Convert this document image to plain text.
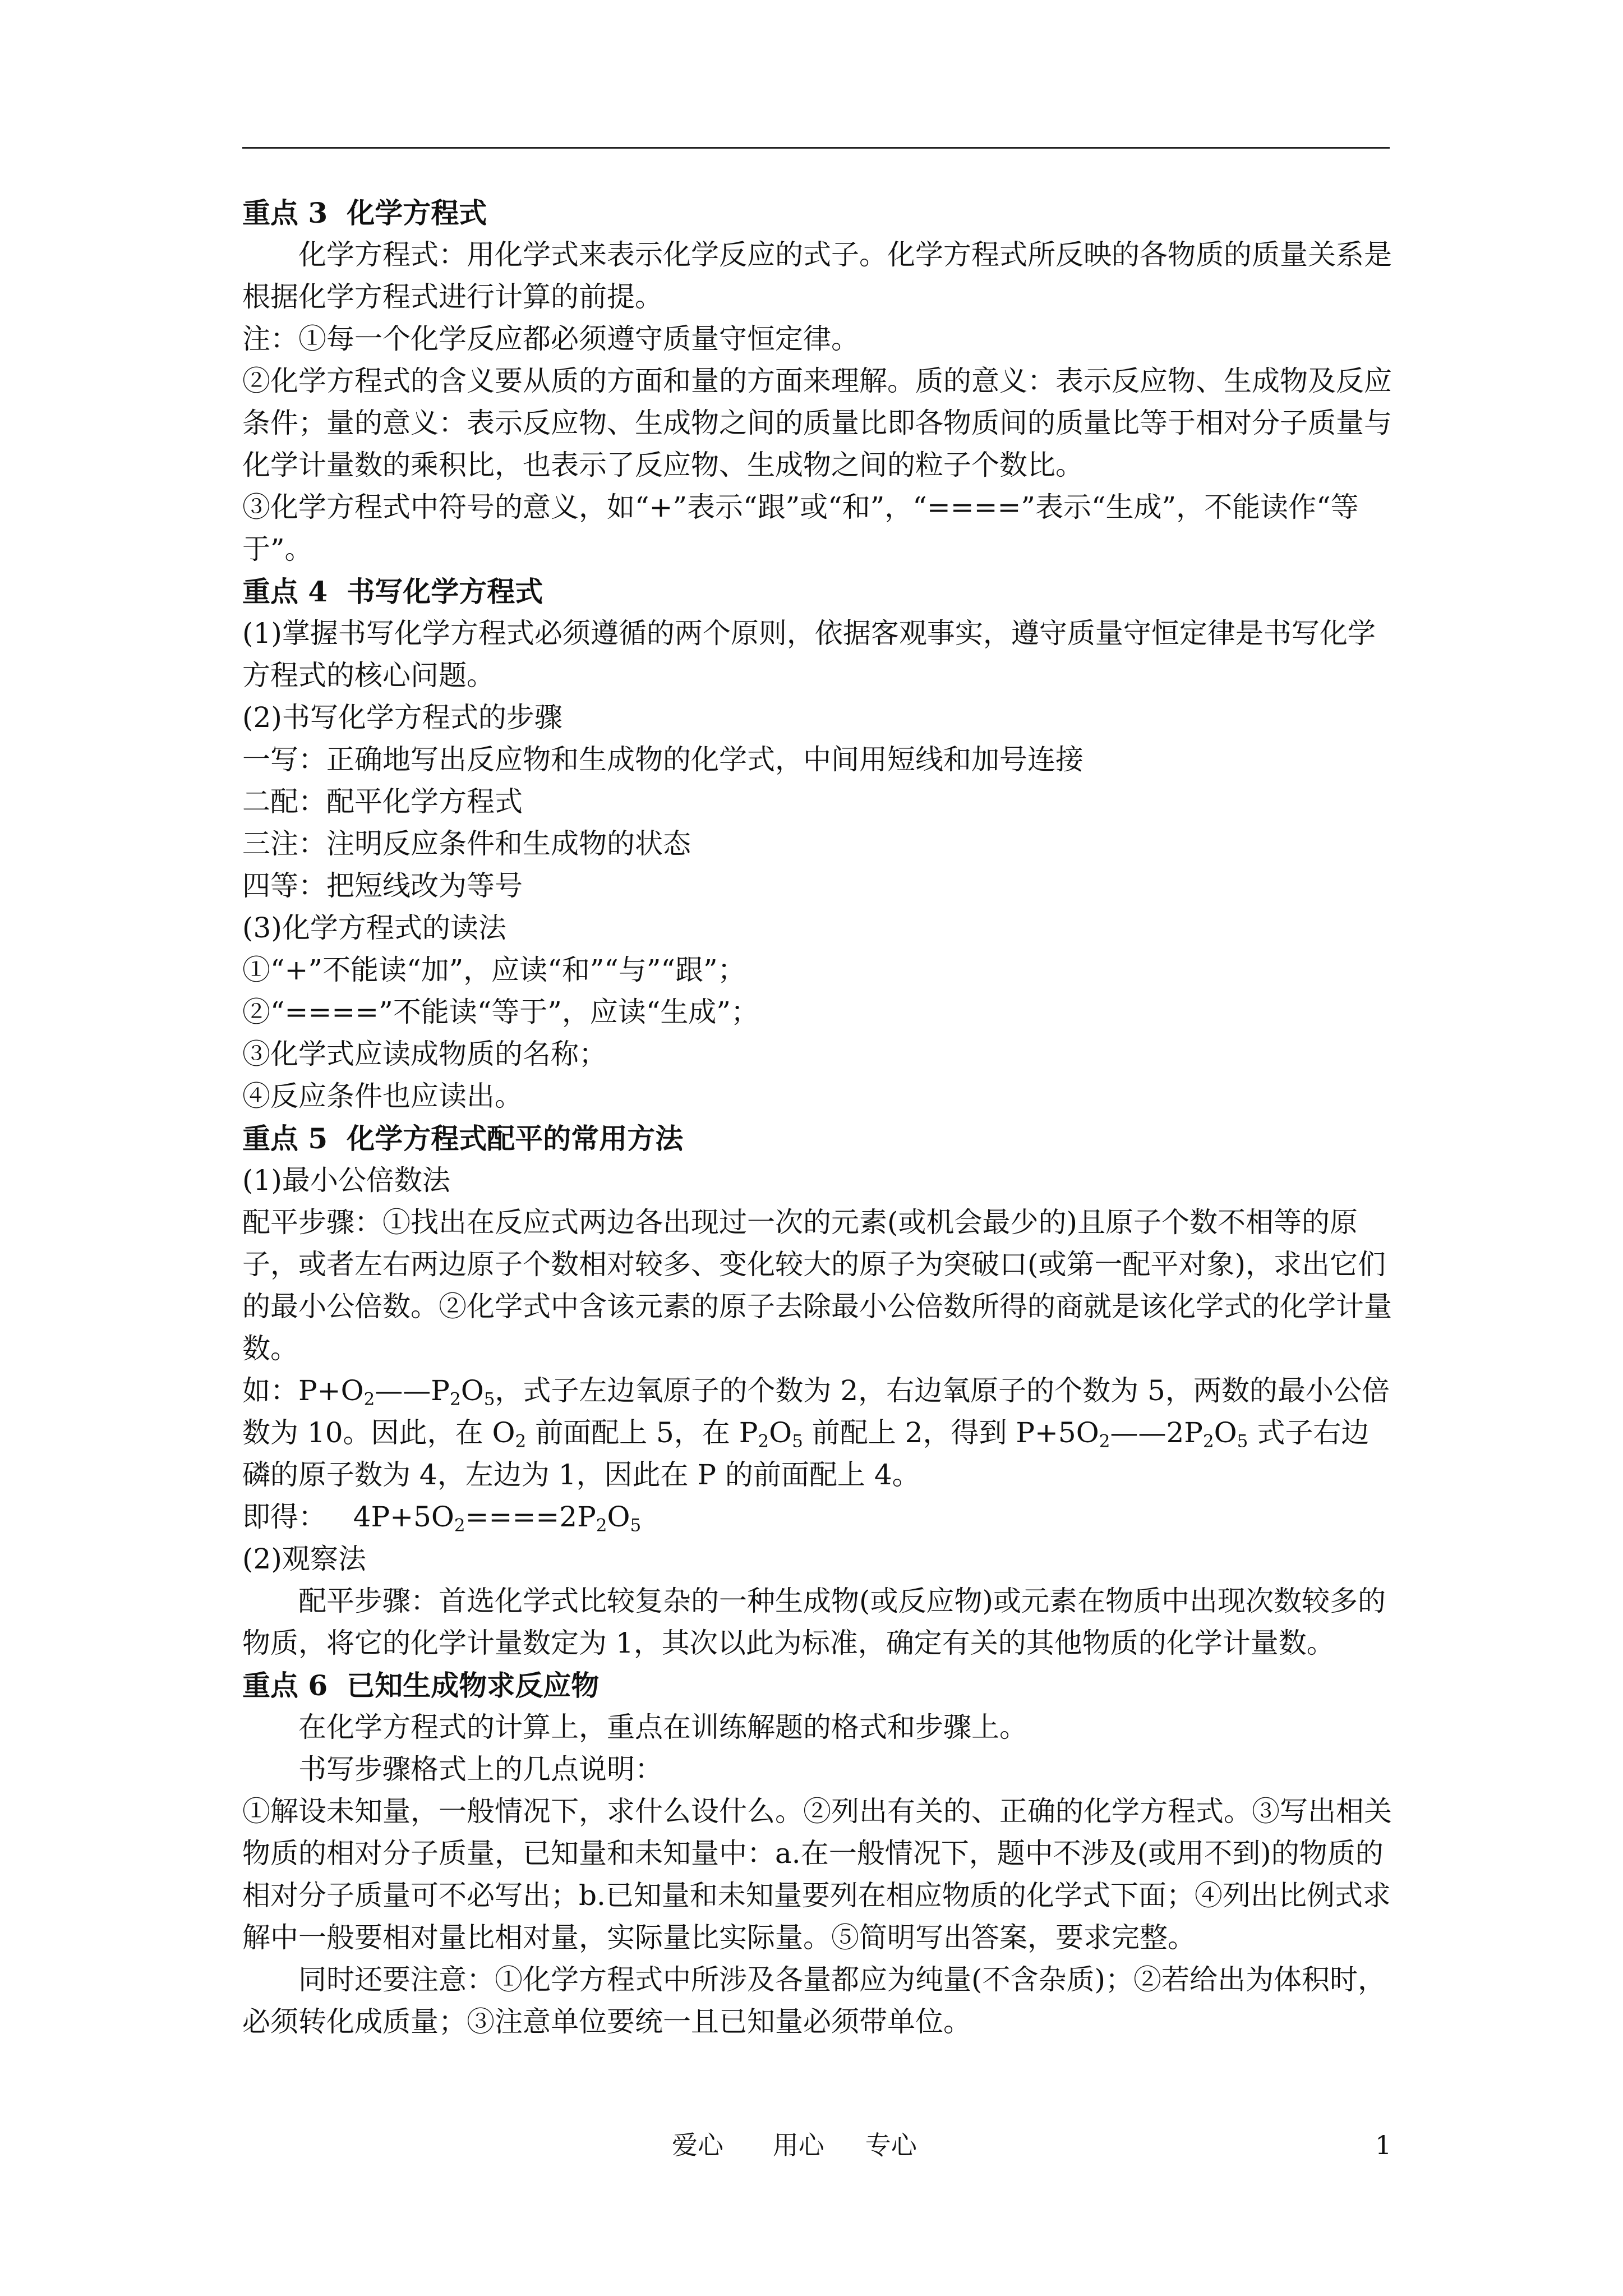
重点 3 化学方程式

化学方程式：用化学式来表示化学反应的式子。化学方程式所反映的各物质的质量关系是根据化学方程式进行计算的前提。

注：①每一个化学反应都必须遵守质量守恒定律。

②化学方程式的含义要从质的方面和量的方面来理解。质的意义：表示反应物、生成物及反应条件；量的意义：表示反应物、生成物之间的质量比即各物质间的质量比等于相对分子质量与化学计量数的乘积比，也表示了反应物、生成物之间的粒子个数比。

③化学方程式中符号的意义，如“+”表示“跟”或“和”，“====”表示“生成”，不能读作“等于”。

重点 4 书写化学方程式

(1)掌握书写化学方程式必须遵循的两个原则，依据客观事实，遵守质量守恒定律是书写化学方程式的核心问题。

(2)书写化学方程式的步骤

一写：正确地写出反应物和生成物的化学式，中间用短线和加号连接

二配：配平化学方程式

三注：注明反应条件和生成物的状态

四等：把短线改为等号

(3)化学方程式的读法

①“+”不能读“加”，应读“和”“与”“跟”；

②“====”不能读“等于”，应读“生成”；

③化学式应读成物质的名称；

④反应条件也应读出。

重点 5 化学方程式配平的常用方法

(1)最小公倍数法

配平步骤：①找出在反应式两边各出现过一次的元素(或机会最少的)且原子个数不相等的原子，或者左右两边原子个数相对较多、变化较大的原子为突破口(或第一配平对象)，求出它们的最小公倍数。②化学式中含该元素的原子去除最小公倍数所得的商就是该化学式的化学计量数。

如：$P+O_2——P_2O_5$，式子左边氧原子的个数为 2，右边氧原子的个数为 5，两数的最小公倍数为 10。因此，在 $O_2$ 前面配上 5，在 $P_2O_5$ 前配上 2，得到 $P+5O_2——2P_2O_5$ 式子右边磷的原子数为 4，左边为 1，因此在 P 的前面配上 4。

即得： $4P+5O_2====2P_2O_5$

(2)观察法

配平步骤：首选化学式比较复杂的一种生成物(或反应物)或元素在物质中出现次数较多的物质，将它的化学计量数定为 1，其次以此为标准，确定有关的其他物质的化学计量数。

重点 6 已知生成物求反应物

在化学方程式的计算上，重点在训练解题的格式和步骤上。

书写步骤格式上的几点说明：

①解设未知量，一般情况下，求什么设什么。②列出有关的、正确的化学方程式。③写出相关物质的相对分子质量，已知量和未知量中：a.在一般情况下，题中不涉及(或用不到)的物质的相对分子质量可不必写出；b.已知量和未知量要列在相应物质的化学式下面；④列出比例式求解中一般要相对量比相对量，实际量比实际量。⑤简明写出答案，要求完整。

同时还要注意：①化学方程式中所涉及各量都应为纯量(不含杂质)；②若给出为体积时，必须转化成质量；③注意单位要统一且已知量必须带单位。

爱心      用心     专心	1
